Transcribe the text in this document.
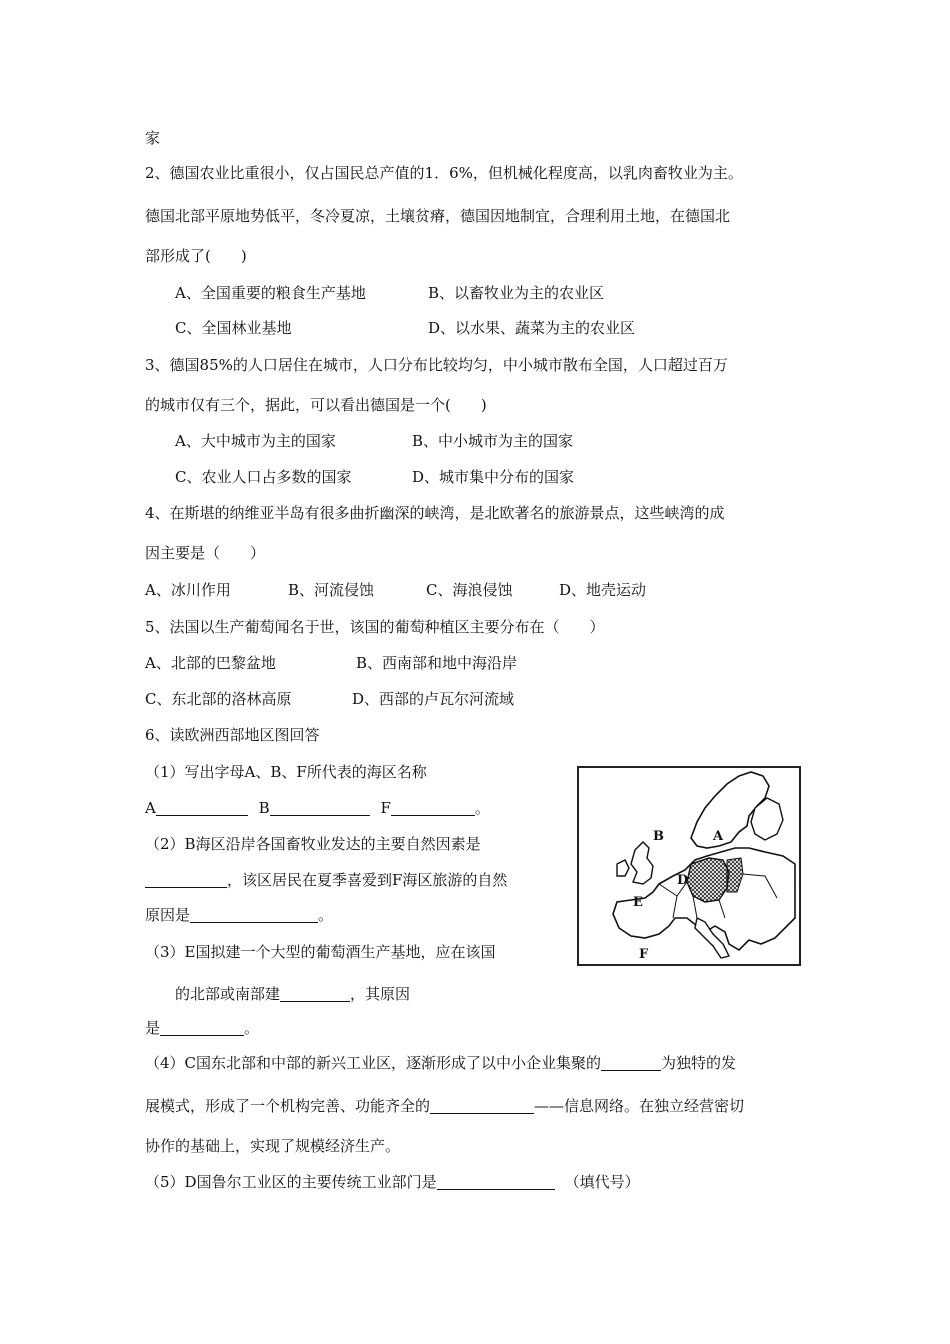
家
2、德国农业比重很小，仅占国民总产值的1．6%，但机械化程度高，以乳肉畜牧业为主。
德国北部平原地势低平，冬冷夏凉，土壤贫瘠，德国因地制宜，合理利用土地，在德国北
部形成了(　　)
A、全国重要的粮食生产基地	B、以畜牧业为主的农业区
C、全国林业基地	D、以水果、蔬菜为主的农业区
3、德国85%的人口居住在城市，人口分布比较均匀，中小城市散布全国，人口超过百万
的城市仅有三个，据此，可以看出德国是一个(　　)
A、大中城市为主的国家	B、中小城市为主的国家
C、农业人口占多数的国家	D、城市集中分布的国家
4、在斯堪的纳维亚半岛有很多曲折幽深的峡湾，是北欧著名的旅游景点，这些峡湾的成
因主要是（　　）
A、冰川作用	B、河流侵蚀	C、海浪侵蚀	D、地壳运动
5、法国以生产葡萄闻名于世，该国的葡萄种植区主要分布在（　　）
A、北部的巴黎盆地	B、西南部和地中海沿岸
C、东北部的洛林高原	D、西部的卢瓦尔河流域
6、读欧洲西部地区图回答
（1）写出字母A、B、F所代表的海区名称
A	B	F	。
（2）B海区沿岸各国畜牧业发达的主要自然因素是
，该区居民在夏季喜爱到F海区旅游的自然
原因是	。
（3）E国拟建一个大型的葡萄酒生产基地，应在该国
的北部或南部建	，其原因
是	。
（4）C国东北部和中部的新兴工业区，逐渐形成了以中小企业集聚的	为独特的发
展模式，形成了一个机构完善、功能齐全的	——信息网络。在独立经营密切
协作的基础上，实现了规模经济生产。
（5）D国鲁尔工业区的主要传统工业部门是	（填代号）
A
B
D
E
F
